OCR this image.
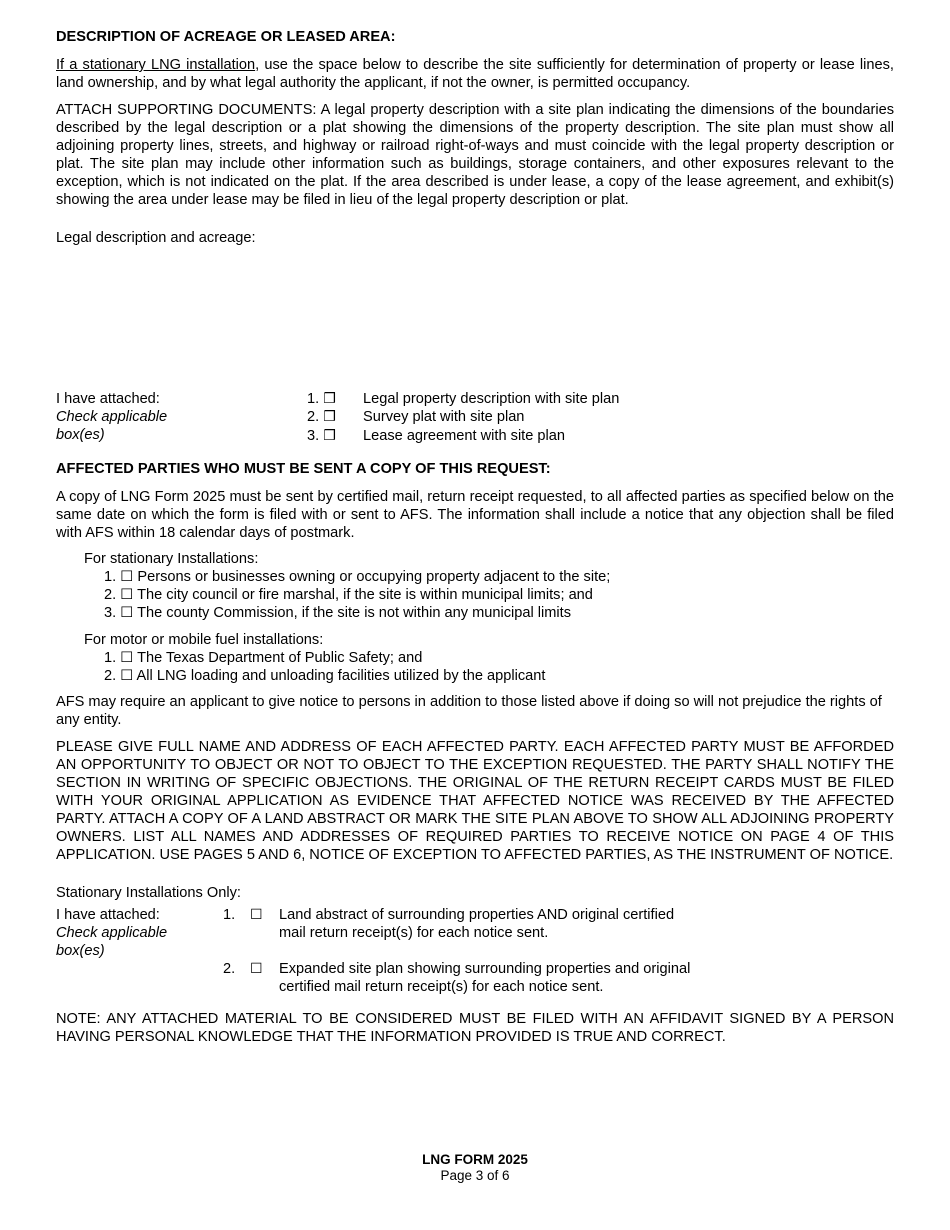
DESCRIPTION OF ACREAGE OR LEASED AREA:

If a stationary LNG installation, use the space below to describe the site sufficiently for determination of property or lease lines, land ownership, and by what legal authority the applicant, if not the owner, is permitted occupancy.

ATTACH SUPPORTING DOCUMENTS: A legal property description with a site plan indicating the dimensions of the boundaries described by the legal description or a plat showing the dimensions of the property description. The site plan must show all adjoining property lines, streets, and highway or railroad right-of-ways and must coincide with the legal property description or plat. The site plan may include other information such as buildings, storage containers, and other exposures relevant to the exception, which is not indicated on the plat. If the area described is under lease, a copy of the lease agreement, and exhibit(s) showing the area under lease may be filed in lieu of the legal property description or plat.

Legal description and acreage:

I have attached:
Check applicable
box(es)
1. ❒ Legal property description with site plan
2. ❒ Survey plat with site plan
3. ❒ Lease agreement with site plan

AFFECTED PARTIES WHO MUST BE SENT A COPY OF THIS REQUEST:

A copy of LNG Form 2025 must be sent by certified mail, return receipt requested, to all affected parties as specified below on the same date on which the form is filed with or sent to AFS. The information shall include a notice that any objection shall be filed with AFS within 18 calendar days of postmark.

For stationary Installations:

1. ☐ Persons or businesses owning or occupying property adjacent to the site;
2. ☐ The city council or fire marshal, if the site is within municipal limits; and
3. ☐ The county Commission, if the site is not within any municipal limits

For motor or mobile fuel installations:

1. ☐ The Texas Department of Public Safety; and
2. ☐ All LNG loading and unloading facilities utilized by the applicant

AFS may require an applicant to give notice to persons in addition to those listed above if doing so will not prejudice the rights of any entity.

PLEASE GIVE FULL NAME AND ADDRESS OF EACH AFFECTED PARTY. EACH AFFECTED PARTY MUST BE AFFORDED AN OPPORTUNITY TO OBJECT OR NOT TO OBJECT TO THE EXCEPTION REQUESTED. THE PARTY SHALL NOTIFY THE SECTION IN WRITING OF SPECIFIC OBJECTIONS. THE ORIGINAL OF THE RETURN RECEIPT CARDS MUST BE FILED WITH YOUR ORIGINAL APPLICATION AS EVIDENCE THAT AFFECTED NOTICE WAS RECEIVED BY THE AFFECTED PARTY. ATTACH A COPY OF A LAND ABSTRACT OR MARK THE SITE PLAN ABOVE TO SHOW ALL ADJOINING PROPERTY OWNERS. LIST ALL NAMES AND ADDRESSES OF REQUIRED PARTIES TO RECEIVE NOTICE ON PAGE 4 OF THIS APPLICATION. USE PAGES 5 AND 6, NOTICE OF EXCEPTION TO AFFECTED PARTIES, AS THE INSTRUMENT OF NOTICE.

Stationary Installations Only:

I have attached:
Check applicable
box(es)
1. ☐ Land abstract of surrounding properties AND original certified
mail return receipt(s) for each notice sent.
2. ☐ Expanded site plan showing surrounding properties and original
certified mail return receipt(s) for each notice sent.

NOTE: ANY ATTACHED MATERIAL TO BE CONSIDERED MUST BE FILED WITH AN AFFIDAVIT SIGNED BY A PERSON HAVING PERSONAL KNOWLEDGE THAT THE INFORMATION PROVIDED IS TRUE AND CORRECT.

LNG FORM 2025
Page 3 of 6
